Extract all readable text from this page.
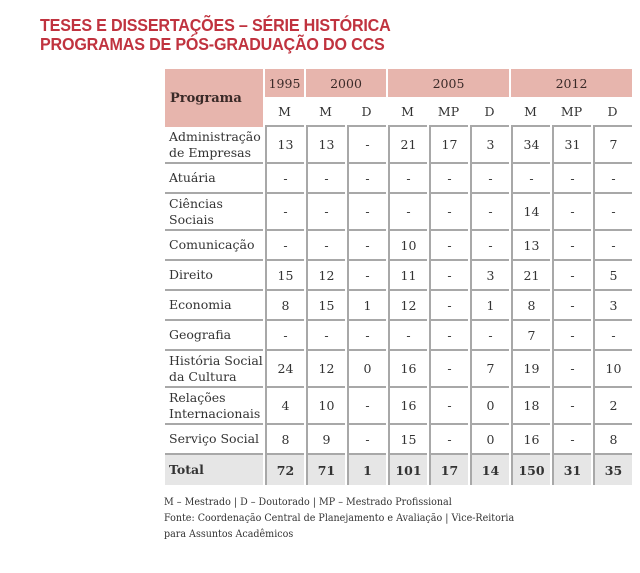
TESES E DISSERTAÇÕES – SÉRIE HISTÓRICA
PROGRAMAS DE PÓS-GRADUAÇÃO DO CCS
Programa	1995	2000		2005			2012		
	M	M	D	M	MP	D	M	MP	D

Administração
de Empresas	13	13	-	21	17	3	34	31	7

Atuária	-	-	-	-	-	-	-	-	-

Ciências
Sociais	-	-	-	-	-	-	14	-	-

Comunicação	-	-	-	10	-	-	13	-	-

Direito	15	12	-	11	-	3	21	-	5

Economia	8	15	1	12	-	1	8	-	3

Geografia	-	-	-	-	-	-	7	-	-

História Social
da Cultura	24	12	0	16	-	7	19	-	10

Relações
Internacionais	4	10	-	16	-	0	18	-	2

Serviço Social	8	9	-	15	-	0	16	-	8
Total	72	71	1	101	17	14	150	31	35
M – Mestrado | D – Doutorado | MP – Mestrado Profissional
Fonte: Coordenação Central de Planejamento e Avaliação | Vice-Reitoria
para Assuntos Acadêmicos
